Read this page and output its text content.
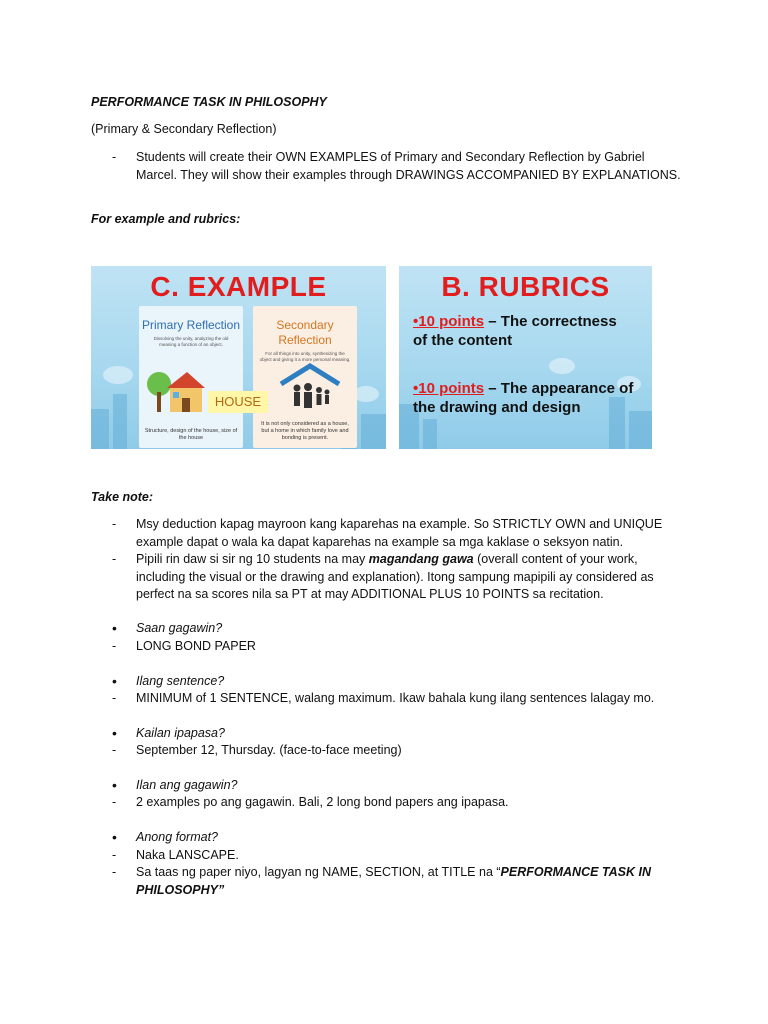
PERFORMANCE TASK IN PHILOSOPHY
(Primary & Secondary Reflection)
- Students will create their OWN EXAMPLES of Primary and Secondary Reflection by Gabriel Marcel. They will show their examples through DRAWINGS ACCOMPANIED BY EXPLANATIONS.
For example and rubrics:
C. EXAMPLE
Primary Reflection
Dissolving the unity, analyzing the old meaning a function of an object.
Structure, design of the house, size of the house
Secondary Reflection
For all things into unity, synthesizing the object and giving it a more personal meaning.
It is not only considered as a house, but a home in which family love and bonding is present.
HOUSE
B. RUBRICS
•10 points – The correctness of the content
•10 points – The appearance of the drawing and design
Take note:
- Msy deduction kapag mayroon kang kaparehas na example. So STRICTLY OWN and UNIQUE example dapat o wala ka dapat kaparehas na example sa mga kaklase o seksyon natin.
- Pipili rin daw si sir ng 10 students na may magandang gawa (overall content of your work, including the visual or the drawing and explanation). Itong sampung mapipili ay considered as perfect na sa scores nila sa PT at may ADDITIONAL PLUS 10 POINTS sa recitation.
• Saan gagawin?
- LONG BOND PAPER
• Ilang sentence?
- MINIMUM of 1 SENTENCE, walang maximum. Ikaw bahala kung ilang sentences lalagay mo.
• Kailan ipapasa?
- September 12, Thursday. (face-to-face meeting)
• Ilan ang gagawin?
- 2 examples po ang gagawin. Bali, 2 long bond papers ang ipapasa.
• Anong format?
- Naka LANSCAPE.
- Sa taas ng paper niyo, lagyan ng NAME, SECTION, at TITLE na “PERFORMANCE TASK IN PHILOSOPHY”
